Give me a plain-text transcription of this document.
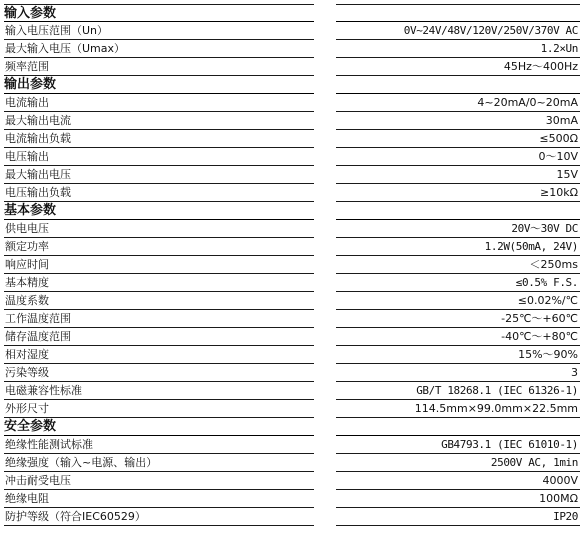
输入参数
输入电压范围（Un）	0V~24V/48V/120V/250V/370V AC
最大输入电压（Umax）	1.2×Un
频率范围	45Hz～400Hz
输出参数
电流输出	4~20mA/0~20mA
最大输出电流	30mA
电流输出负载	≤500Ω
电压输出	0～10V
最大输出电压	15V
电压输出负载	≥10kΩ
基本参数
供电电压	20V～30V DC
额定功率	1.2W(50mA, 24V)
响应时间	＜250ms
基本精度	≤0.5% F.S.
温度系数	≤0.02%/℃
工作温度范围	-25℃～+60℃
储存温度范围	-40℃～+80℃
相对湿度	15%～90%
污染等级	3
电磁兼容性标准	GB/T 18268.1 (IEC 61326-1)
外形尺寸	114.5mm×99.0mm×22.5mm
安全参数
绝缘性能测试标准	GB4793.1 (IEC 61010-1)
绝缘强度（输入~电源、输出）	2500V AC, 1min
冲击耐受电压	4000V
绝缘电阻	100MΩ
防护等级（符合IEC60529）	IP20
